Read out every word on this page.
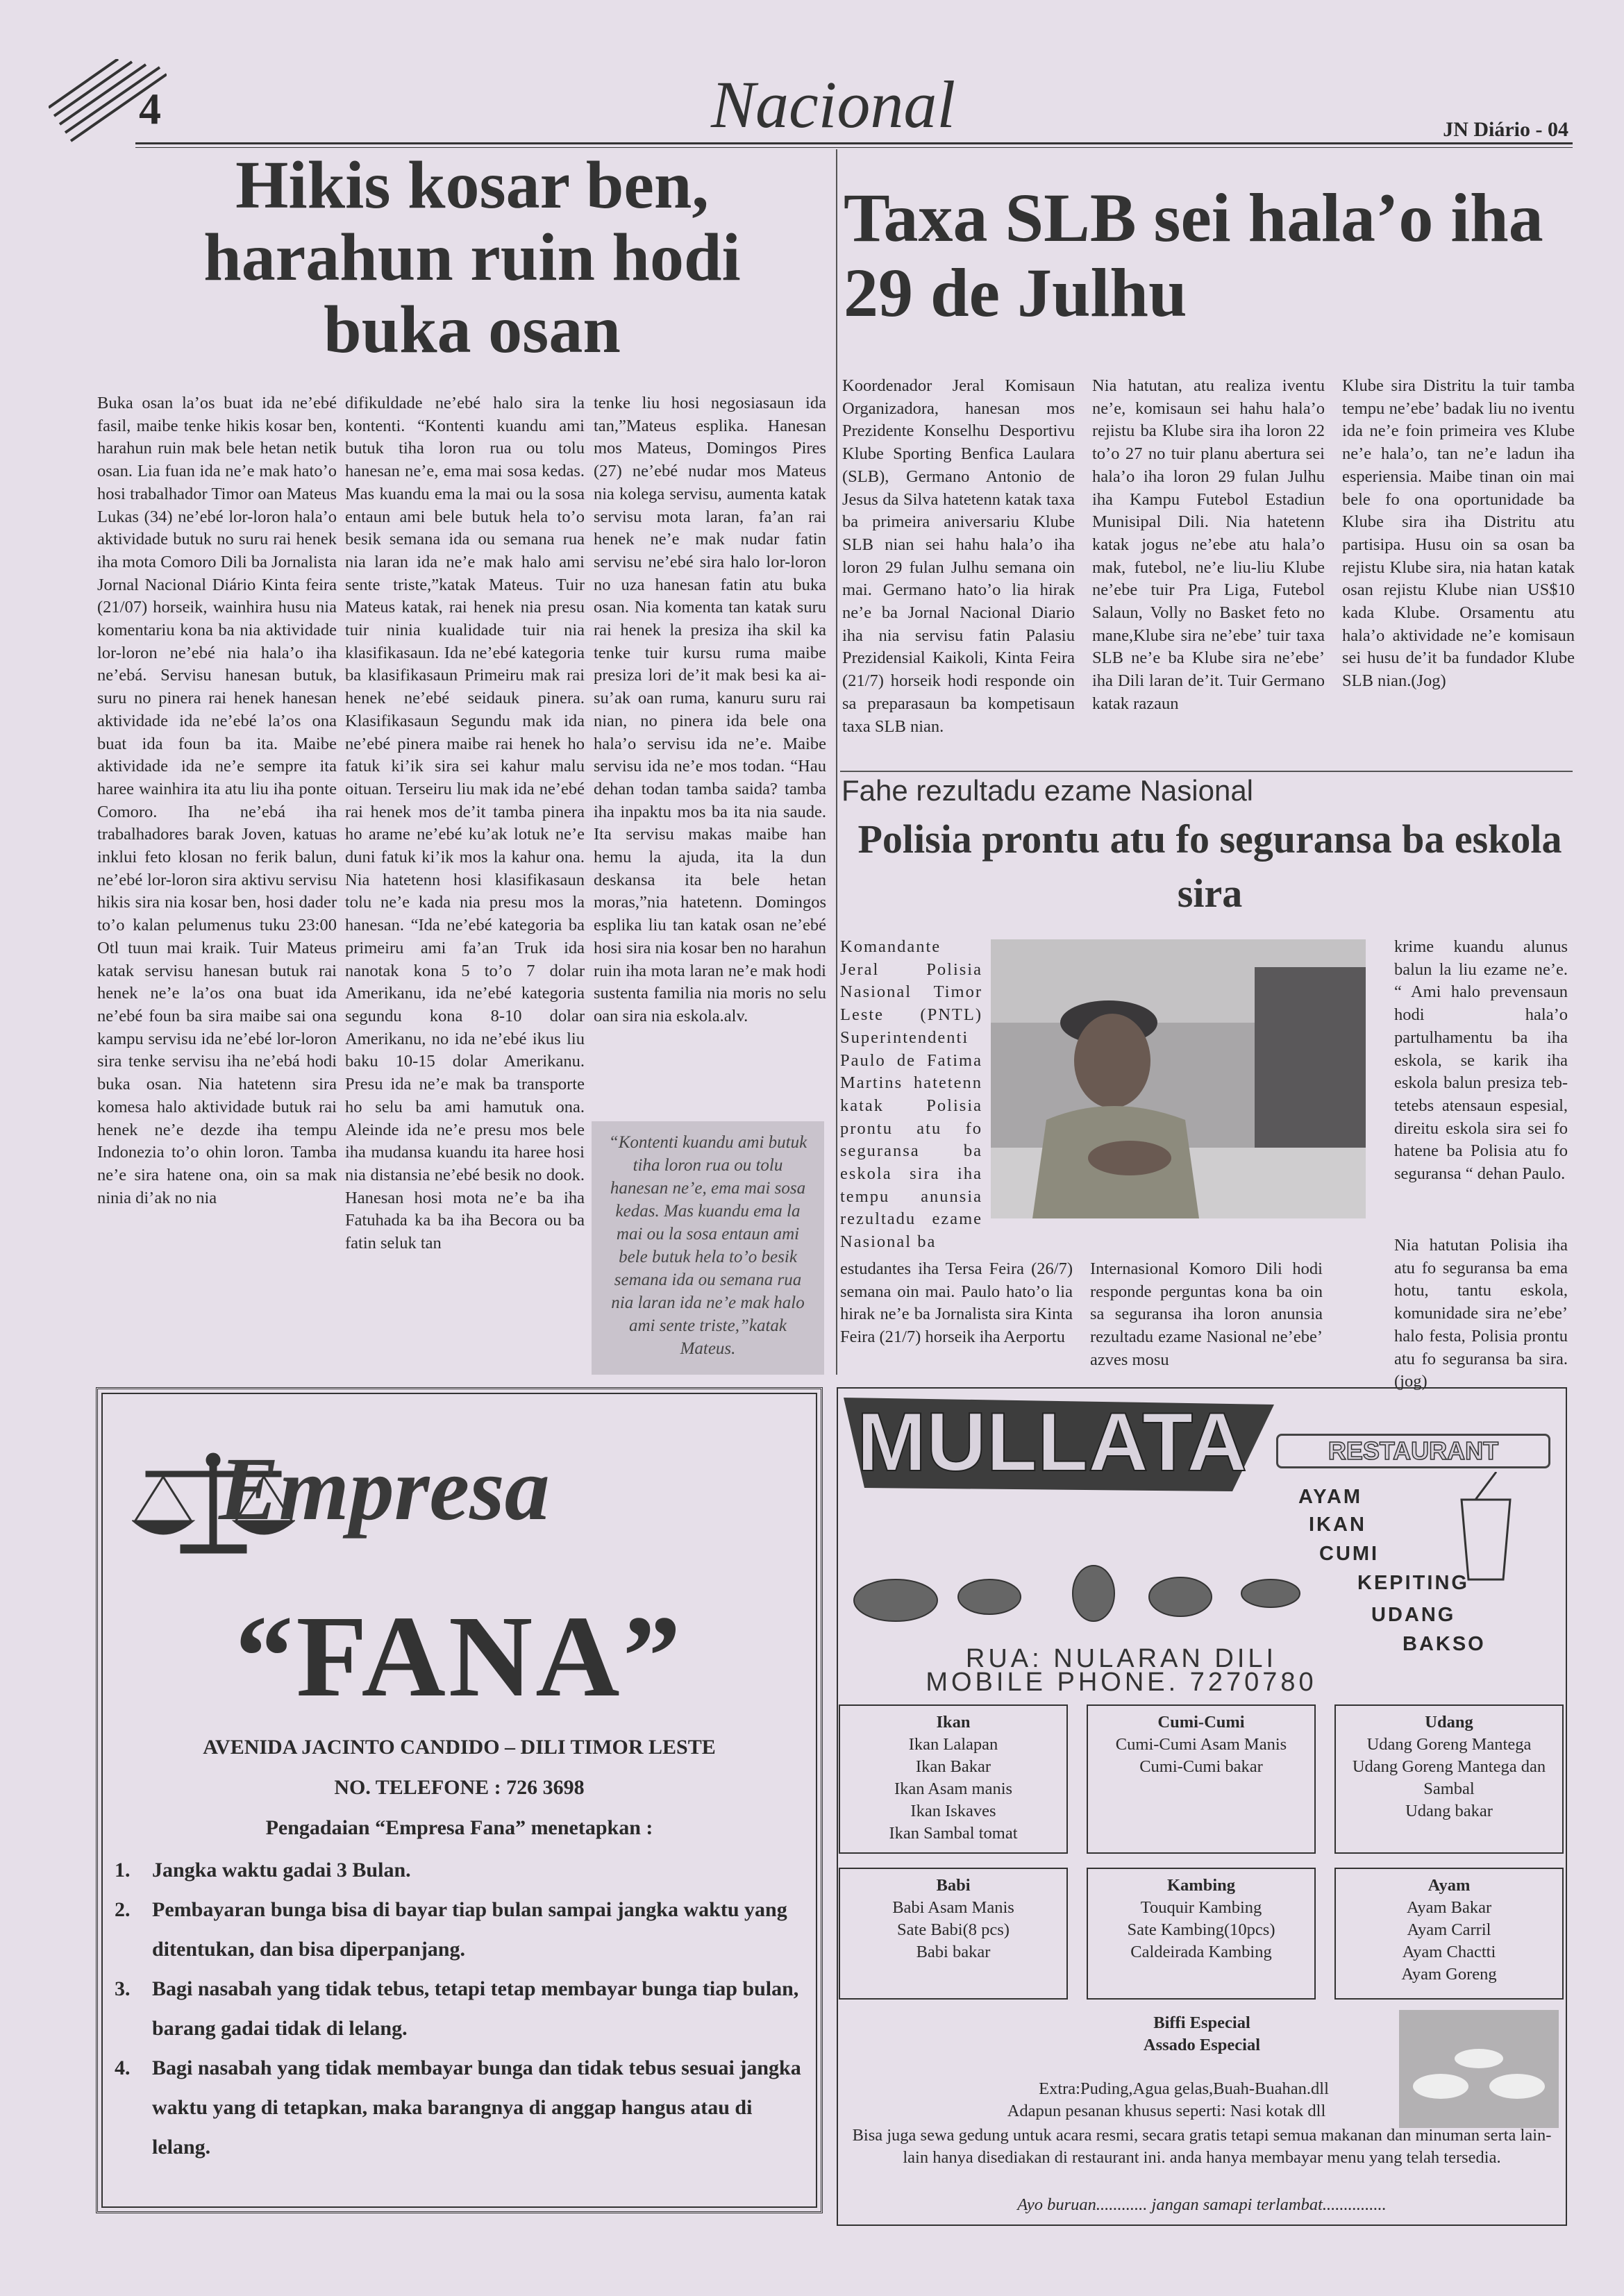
4	Nacional	JN Diário - 04
Hikis kosar ben, harahun ruin hodi buka osan
Buka osan la’os buat ida ne’ebé fasil, maibe tenke hikis kosar ben, harahun ruin mak bele hetan netik osan. Lia fuan ida ne’e mak hato’o hosi trabalhador Timor oan Mateus Lukas (34) ne’ebé lor-loron hala’o aktividade butuk no suru rai henek iha mota Comoro Dili ba Jornalista Jornal Nacional Diário Kinta feira (21/07) horseik, wainhira husu nia komentariu kona ba nia aktividade lor-loron ne’ebé nia hala’o iha ne’ebá. Servisu hanesan butuk, suru no pinera rai henek hanesan aktividade ida ne’ebé la’os ona buat ida foun ba ita. Maibe aktividade ida ne’e sempre ita haree wainhira ita atu liu iha ponte Comoro. Iha ne’ebá iha trabalhadores barak Joven, katuas inklui feto klosan no ferik balun, ne’ebé lor-loron sira aktivu servisu hikis sira nia kosar ben, hosi dader to’o kalan pelumenus tuku 23:00 Otl tuun mai kraik. Tuir Mateus katak servisu hanesan butuk rai henek ne’e la’os ona buat ida ne’ebé foun ba sira maibe sai ona kampu servisu ida ne’ebé lor-loron sira tenke servisu iha ne’ebá hodi buka osan. Nia hatetenn sira komesa halo aktividade butuk rai henek ne’e dezde iha tempu Indonezia to’o ohin loron. Tamba ne’e sira hatene ona, oin sa mak ninia di’ak no nia
difikuldade ne’ebé halo sira la kontenti. “Kontenti kuandu ami butuk tiha loron rua ou tolu hanesan ne’e, ema mai sosa kedas. Mas kuandu ema la mai ou la sosa entaun ami bele butuk hela to’o besik semana ida ou semana rua nia laran ida ne’e mak halo ami sente triste,”katak Mateus. Tuir Mateus katak, rai henek nia presu tuir ninia kualidade tuir nia klasifikasaun. Ida ne’ebé kategoria ba klasifikasaun Primeiru mak rai henek ne’ebé seidauk pinera. Klasifikasaun Segundu mak ida ne’ebé pinera maibe rai henek ho fatuk ki’ik sira sei kahur malu oituan. Terseiru liu mak ida ne’ebé rai henek mos de’it tamba pinera ho arame ne’ebé ku’ak lotuk ne’e duni fatuk ki’ik mos la kahur ona. Nia hatetenn hosi klasifikasaun tolu ne’e kada nia presu mos la hanesan. “Ida ne’ebé kategoria ba primeiru ami fa’an Truk ida nanotak kona 5 to’o 7 dolar Amerikanu, ida ne’ebé kategoria segundu kona 8-10 dolar Amerikanu, no ida ne’ebé ikus liu baku 10-15 dolar Amerikanu. Presu ida ne’e mak ba transporte ho selu ba ami hamutuk ona. Aleinde ida ne’e presu mos bele iha mudansa kuandu ita haree hosi nia distansia ne’ebé besik no dook. Hanesan hosi mota ne’e ba iha Fatuhada ka ba iha Becora ou ba fatin seluk tan
tenke liu hosi negosiasaun ida tan,”Mateus esplika. Hanesan mos Mateus, Domingos Pires (27) ne’ebé nudar mos Mateus nia kolega servisu, aumenta katak servisu mota laran, fa’an rai henek ne’e mak nudar fatin servisu ne’ebé sira halo lor-loron no uza hanesan fatin atu buka osan. Nia komenta tan katak suru rai henek la presiza iha skil ka tenke tuir kursu ruma maibe presiza lori de’it mak besi ka ai-su’ak oan ruma, kanuru suru rai nian, no pinera ida bele ona hala’o servisu ida ne’e. Maibe servisu ida ne’e mos todan. “Hau dehan todan tamba saida? tamba iha inpaktu mos ba ita nia saude. Ita servisu makas maibe han hemu la ajuda, ita la dun deskansa ita bele hetan moras,”nia hatetenn. Domingos esplika liu tan katak osan ne’ebé hosi sira nia kosar ben no harahun ruin iha mota laran ne’e mak hodi sustenta familia nia moris no selu oan sira nia eskola.alv.
“Kontenti kuandu ami butuk tiha loron rua ou tolu hanesan ne’e, ema mai sosa kedas. Mas kuandu ema la mai ou la sosa entaun ami bele butuk hela to’o besik semana ida ou semana rua nia laran ida ne’e mak halo ami sente triste,”katak Mateus.
Taxa SLB sei hala’o iha 29 de Julhu
Koordenador Jeral Komisaun Organizadora, hanesan mos Prezidente Konselhu Desportivu Klube Sporting Benfica Laulara (SLB), Germano Antonio de Jesus da Silva hatetenn katak taxa ba primeira aniversariu Klube SLB nian sei hahu hala’o iha loron 29 fulan Julhu semana oin mai. Germano hato’o lia hirak ne’e ba Jornal Nacional Diario iha nia servisu fatin Palasiu Prezidensial Kaikoli, Kinta Feira (21/7) horseik hodi responde oin sa preparasaun ba kompetisaun taxa SLB nian.
Nia hatutan, atu realiza iventu ne’e, komisaun sei hahu hala’o rejistu ba Klube sira iha loron 22 to’o 27 no tuir planu abertura sei hala’o iha loron 29 fulan Julhu iha Kampu Futebol Estadiun Munisipal Dili. Nia hatetenn katak jogus ne’ebe atu hala’o mak, futebol, ne’e liu-liu Klube ne’ebe tuir Pra Liga, Futebol Salaun, Volly no Basket feto no mane,Klube sira ne’ebe’ tuir taxa SLB ne’e ba Klube sira ne’ebe’ iha Dili laran de’it. Tuir Germano katak razaun
Klube sira Distritu la tuir tamba tempu ne’ebe’ badak liu no iventu ida ne’e foin primeira ves Klube ne’e hala’o, tan ne’e ladun iha esperiensia. Maibe tinan oin mai bele fo ona oportunidade ba Klube sira iha Distritu atu partisipa. Husu oin sa osan ba rejistu Klube sira, nia hatan katak osan rejistu Klube nian US$10 kada Klube. Orsamentu atu hala’o aktividade ne’e komisaun sei husu de’it ba fundador Klube SLB nian.(Jog)
Fahe rezultadu ezame Nasional
Polisia prontu atu fo seguransa ba eskola sira
Komandante Jeral Polisia Nasional Timor Leste (PNTL) Superintendenti Paulo de Fatima Martins hatetenn katak Polisia prontu atu fo seguransa ba eskola sira iha tempu anunsia rezultadu ezame Nasional ba
krime kuandu alunus balun la liu ezame ne’e. “ Ami halo prevensaun hodi hala’o partulhamentu ba iha eskola, se karik iha eskola balun presiza teb-tetebs atensaun espesial, direitu eskola sira sei fo hatene ba Polisia atu fo seguransa “ dehan Paulo.
Nia hatutan Polisia iha atu fo seguransa ba ema hotu, tantu eskola, komunidade sira ne’ebe’ halo festa, Polisia prontu atu fo seguransa ba sira.(jog)
estudantes iha Tersa Feira (26/7) semana oin mai. Paulo hato’o lia hirak ne’e ba Jornalista sira Kinta Feira (21/7) horseik iha Aerportu
Internasional Komoro Dili hodi responde perguntas kona ba oin sa seguransa iha loron anunsia rezultadu ezame Nasional ne’ebe’ azves mosu
Empresa
“FANA”
AVENIDA JACINTO CANDIDO – DILI TIMOR LESTE
NO. TELEFONE : 726 3698
Pengadaian “Empresa Fana” menetapkan :
1.	Jangka waktu gadai 3 Bulan.
2.	Pembayaran bunga bisa di bayar tiap bulan sampai jangka waktu yang ditentukan, dan bisa diperpanjang.
3.	Bagi nasabah yang tidak tebus, tetapi tetap membayar bunga tiap bulan, barang gadai tidak di lelang.
4.	Bagi nasabah yang tidak membayar bunga dan tidak tebus sesuai jangka waktu yang di tetapkan, maka barangnya di anggap hangus atau di lelang.
MULLATA	RESTAURANT
AYAM
IKAN
CUMI
KEPITING
UDANG
BAKSO
RUA: NULARAN DILI
MOBILE PHONE. 7270780
Ikan
Ikan Lalapan
Ikan Bakar
Ikan Asam manis
Ikan Iskaves
Ikan Sambal tomat
Cumi-Cumi
Cumi-Cumi Asam Manis
Cumi-Cumi bakar
Udang
Udang Goreng Mantega
Udang Goreng Mantega dan Sambal
Udang bakar
Babi
Babi Asam Manis
Sate Babi(8 pcs)
Babi bakar
Kambing
Touquir Kambing
Sate Kambing(10pcs)
Caldeirada Kambing
Ayam
Ayam Bakar
Ayam Carril
Ayam Chactti
Ayam Goreng
Biffi Especial
Assado Especial
Extra:Puding,Agua gelas,Buah-Buahan.dll
Adapun pesanan khusus seperti: Nasi kotak dll
Bisa juga sewa gedung untuk acara resmi, secara gratis tetapi semua makanan dan minuman serta lain-lain hanya disediakan di restaurant ini. anda hanya membayar menu yang telah tersedia.
Ayo buruan............ jangan samapi terlambat...............
